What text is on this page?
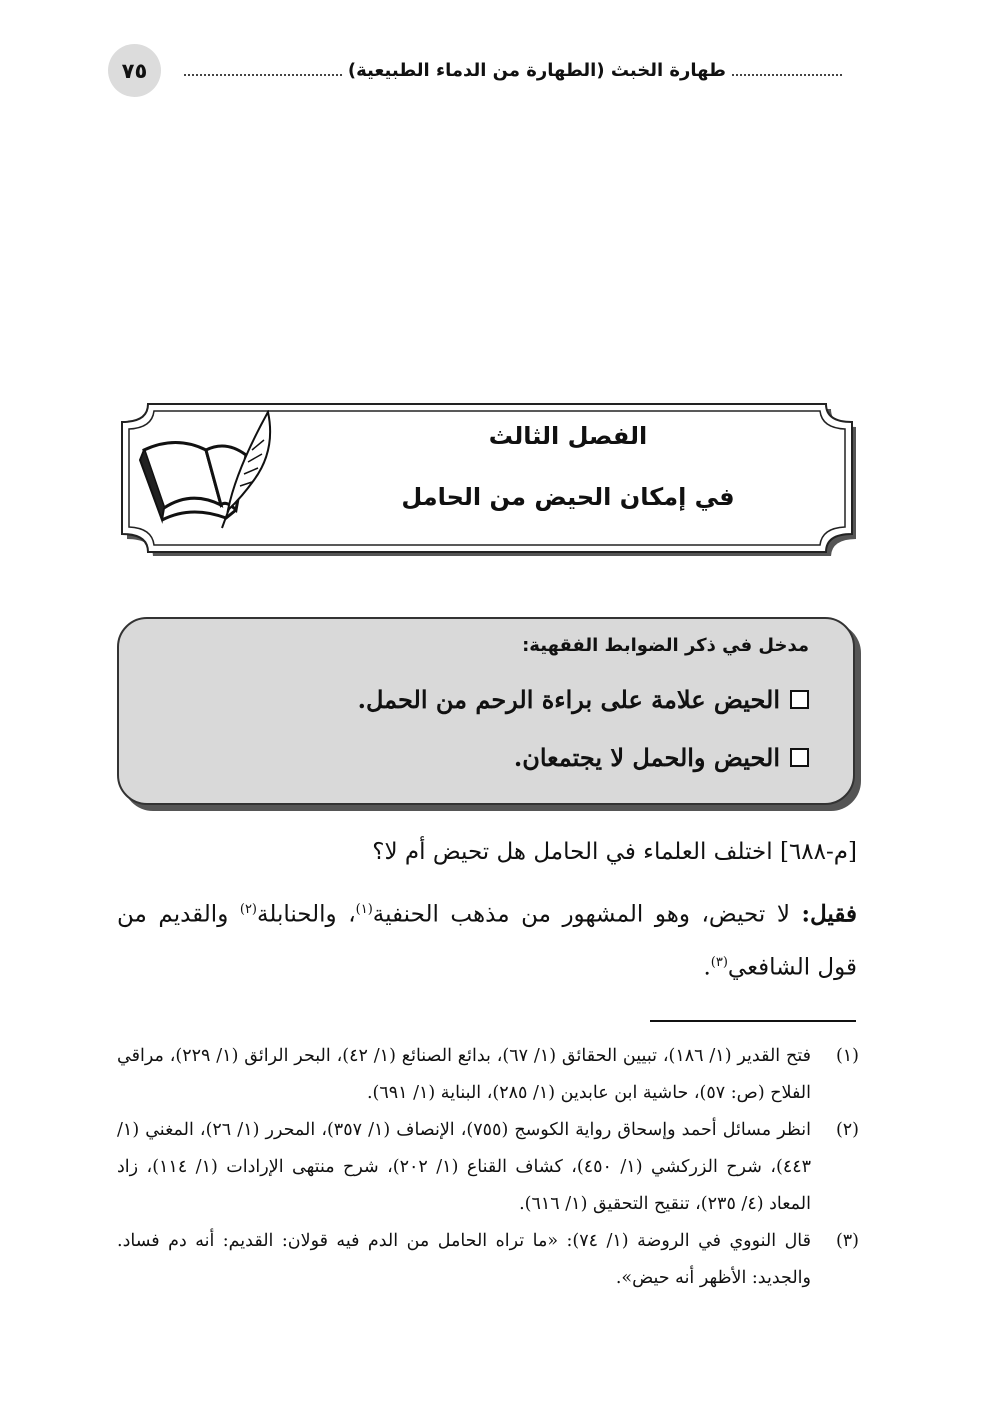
٧٥	طهارة الخبث (الطهارة من الدماء الطبيعية)
الفصل الثالث
في إمكان الحيض من الحامل
مدخل في ذكر الضوابط الفقهية:
الحيض علامة على براءة الرحم من الحمل.
الحيض والحمل لا يجتمعان.
[م-٦٨٨] اختلف العلماء في الحامل هل تحيض أم لا؟
فقيل: لا تحيض، وهو المشهور من مذهب الحنفية$^{(١)}$، والحنابلة$^{(٢)}$ والقديم من قول الشافعي$^{(٣)}$.
(١)
فتح القدير (١/ ١٨٦)، تبيين الحقائق (١/ ٦٧)، بدائع الصنائع (١/ ٤٢)، البحر الرائق (١/ ٢٢٩)، مراقي الفلاح (ص: ٥٧)، حاشية ابن عابدين (١/ ٢٨٥)، البناية (١/ ٦٩١).
(٢)
انظر مسائل أحمد وإسحاق رواية الكوسج (٧٥٥)، الإنصاف (١/ ٣٥٧)، المحرر (١/ ٢٦)، المغني (١/ ٤٤٣)، شرح الزركشي (١/ ٤٥٠)، كشاف القناع (١/ ٢٠٢)، شرح منتهى الإرادات (١/ ١١٤)، زاد المعاد (٤/ ٢٣٥)، تنقيح التحقيق (١/ ٦١٦).
(٣)
قال النووي في الروضة (١/ ٧٤): «ما تراه الحامل من الدم فيه قولان: القديم: أنه دم فساد. والجديد: الأظهر أنه حيض».
